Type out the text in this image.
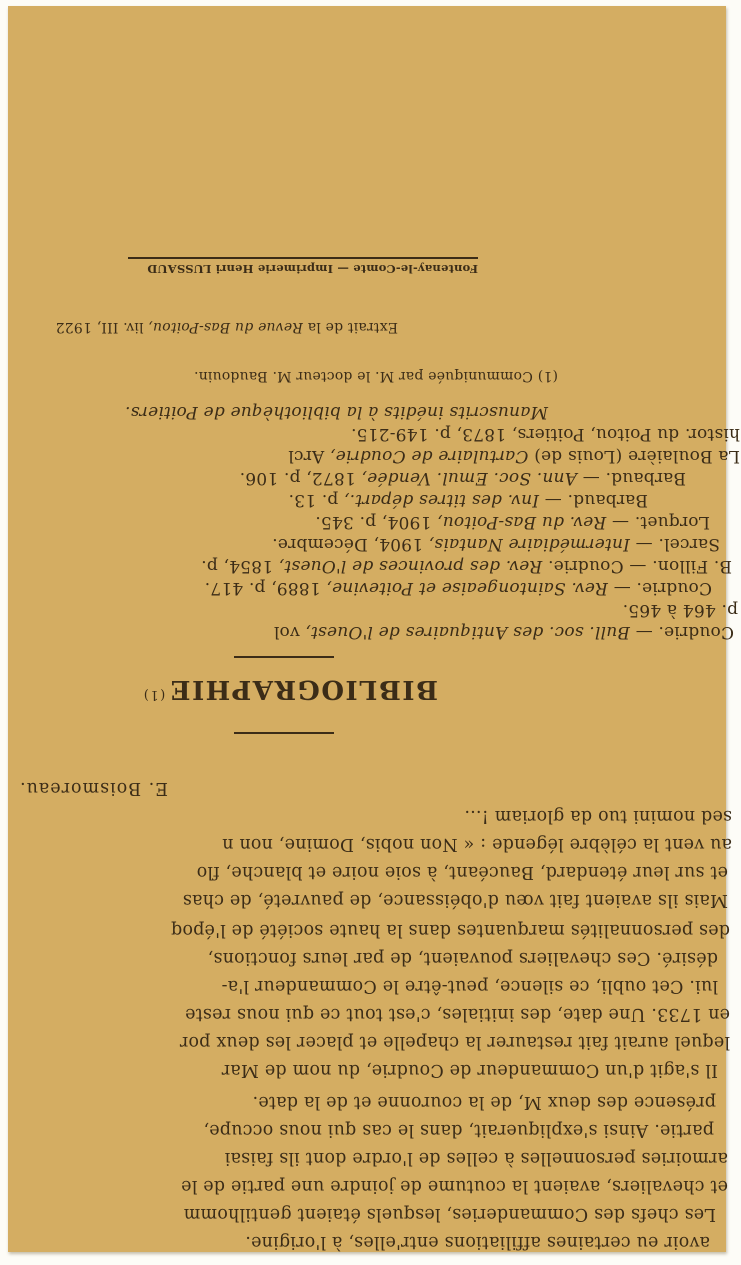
Fontenay-le-Comte — Imprimerie Henri LUSSAUD
Extrait de la Revue du Bas-Poitou, liv. III, 1922
avoir eu certaines affiliations entr'elles, à l'origine.
Les chefs des Commanderies, lesquels étaient gentilhomm
et chevaliers, avaient la coutume de joindre une partie de le
armoiries personnelles à celles de l'ordre dont ils faisai
partie. Ainsi s'expliquerait, dans le cas qui nous occupe,
présence des deux M, de la couronne et de la date.
Il s'agit d'un Commandeur de Coudrie, du nom de Mar
lequel aurait fait restaurer la chapelle et placer les deux por
en 1733. Une date, des initiales, c'est tout ce qui nous reste
lui. Cet oubli, ce silence, peut-être le Commandeur l'a-
désiré. Ces chevaliers pouvaient, de par leurs fonctions,
des personnalités marquantes dans la haute société de l'époq
Mais ils avaient fait vœu d'obéissance, de pauvreté, de chas
et sur leur étendard, Baucéant, à soie noire et blanche, flo
au vent la célèbre légende : « Non nobis, Domine, non n
sed nomini tuo da gloriam !...
E. Boismoreau.
BIBLIOGRAPHIE$^{(1)}$
Coudrie. — Bull. soc. des Antiquaires de l'Ouest, vol
p. 464 à 465.
Coudrie. — Rev. Saintongeaise et Poitevine, 1889, p. 417.
B. Fillon. — Coudrie. Rev. des provinces de l'Ouest, 1854, p.
Sarcel. — Intermédiaire Nantais, 1904, Décembre.
Lorquet. — Rev. du Bas-Poitou, 1904, p. 345.
Barbaud. — Inv. des titres départ., p. 13.
Barbaud. — Ann. Soc. Emul. Vendée, 1872, p. 106.
La Boulaière (Louis de) Cartulaire de Coudrie, Arcl
histor. du Poitou, Poitiers, 1873, p. 149-215.
Manuscrits inédits à la bibliothèque de Poitiers.
(1) Communiquée par M. le docteur M. Baudouin.
